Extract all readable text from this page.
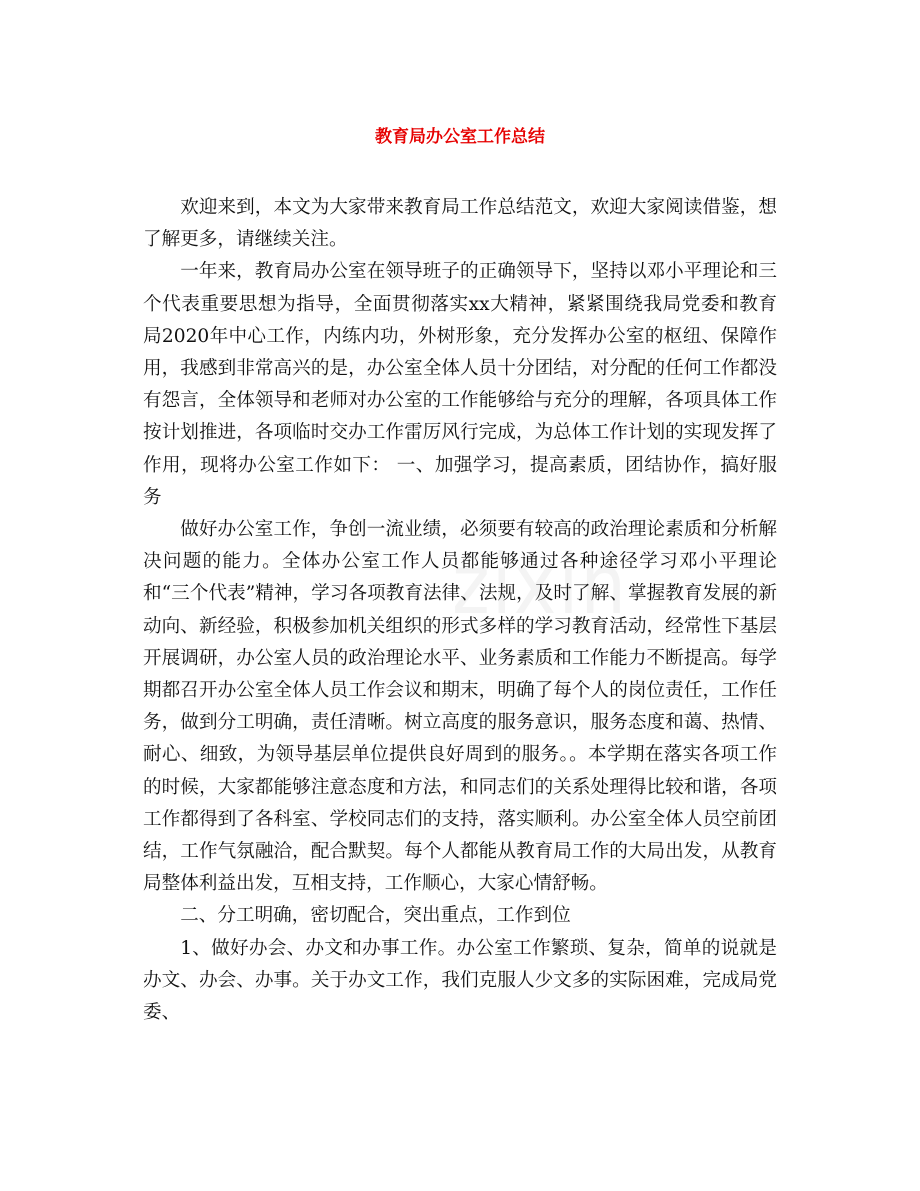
教育局办公室工作总结

欢迎来到，本文为大家带来教育局工作总结范文，欢迎大家阅读借鉴，想了解更多，请继续关注。

一年来，教育局办公室在领导班子的正确领导下，坚持以邓小平理论和三个代表重要思想为指导，全面贯彻落实xx大精神，紧紧围绕我局党委和教育局2020年中心工作，内练内功，外树形象，充分发挥办公室的枢纽、保障作用，我感到非常高兴的是，办公室全体人员十分团结，对分配的任何工作都没有怨言，全体领导和老师对办公室的工作能够给与充分的理解，各项具体工作按计划推进，各项临时交办工作雷厉风行完成，为总体工作计划的实现发挥了作用，现将办公室工作如下： 一、加强学习，提高素质，团结协作，搞好服务

做好办公室工作，争创一流业绩，必须要有较高的政治理论素质和分析解决问题的能力。全体办公室工作人员都能够通过各种途径学习邓小平理论和“三个代表”精神，学习各项教育法律、法规，及时了解、掌握教育发展的新动向、新经验，积极参加机关组织的形式多样的学习教育活动，经常性下基层开展调研，办公室人员的政治理论水平、业务素质和工作能力不断提高。每学期都召开办公室全体人员工作会议和期末，明确了每个人的岗位责任，工作任务，做到分工明确，责任清晰。树立高度的服务意识，服务态度和蔼、热情、耐心、细致，为领导基层单位提供良好周到的服务。。本学期在落实各项工作的时候，大家都能够注意态度和方法，和同志们的关系处理得比较和谐，各项工作都得到了各科室、学校同志们的支持，落实顺利。办公室全体人员空前团结，工作气氛融洽，配合默契。每个人都能从教育局工作的大局出发，从教育局整体利益出发，互相支持，工作顺心，大家心情舒畅。

二、分工明确，密切配合，突出重点，工作到位

1、做好办会、办文和办事工作。办公室工作繁琐、复杂，简单的说就是办文、办会、办事。关于办文工作，我们克服人少文多的实际困难，完成局党委、

zixin
